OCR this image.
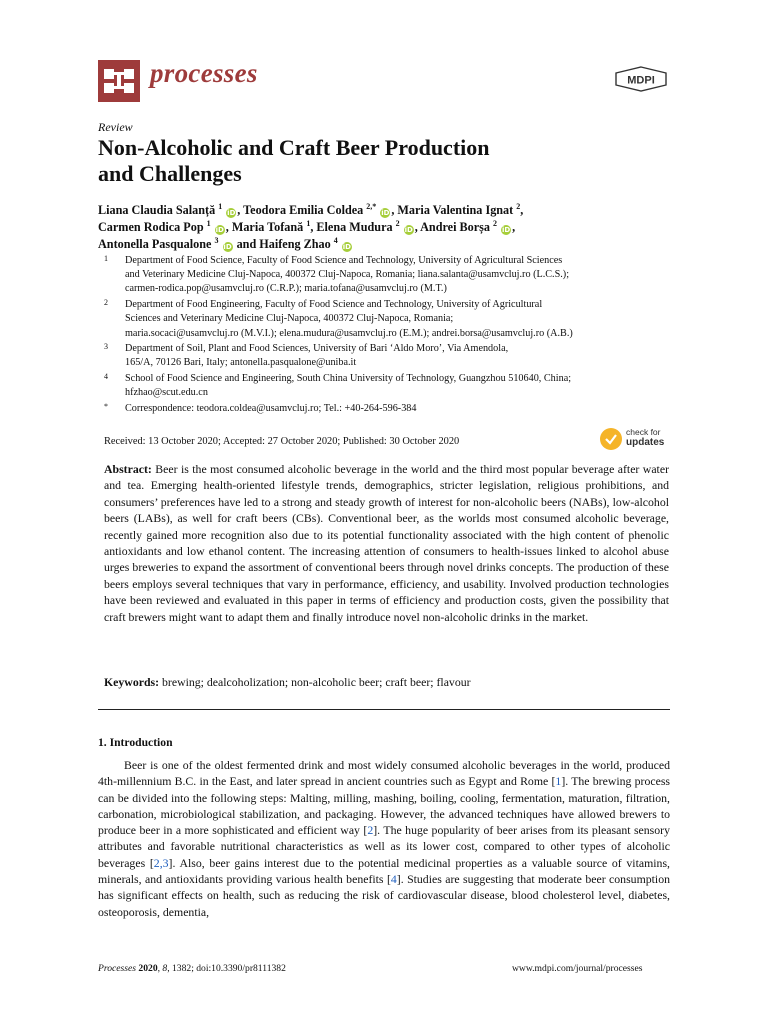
processes	MDPI
Review
Non-Alcoholic and Craft Beer Production
and Challenges
Liana Claudia Salanță $^1$ iD , Teodora Emilia Coldea $^{2,*}$ iD , Maria Valentina Ignat $^2$,
Carmen Rodica Pop $^1$ iD , Maria Tofană $^1$, Elena Mudura $^2$ iD , Andrei Borșa $^2$ iD ,
Antonella Pasqualone $^3$ iD and Haifeng Zhao $^4$ iD
1	Department of Food Science, Faculty of Food Science and Technology, University of Agricultural Sciences
and Veterinary Medicine Cluj-Napoca, 400372 Cluj-Napoca, Romania; liana.salanta@usamvcluj.ro (L.C.S.);
carmen-rodica.pop@usamvcluj.ro (C.R.P.); maria.tofana@usamvcluj.ro (M.T.)
2	Department of Food Engineering, Faculty of Food Science and Technology, University of Agricultural
Sciences and Veterinary Medicine Cluj-Napoca, 400372 Cluj-Napoca, Romania;
maria.socaci@usamvcluj.ro (M.V.I.); elena.mudura@usamvcluj.ro (E.M.); andrei.borsa@usamvcluj.ro (A.B.)
3	Department of Soil, Plant and Food Sciences, University of Bari ‘Aldo Moro’, Via Amendola,
165/A, 70126 Bari, Italy; antonella.pasqualone@uniba.it
4	School of Food Science and Engineering, South China University of Technology, Guangzhou 510640, China;
hfzhao@scut.edu.cn
*	Correspondence: teodora.coldea@usamvcluj.ro; Tel.: +40-264-596-384
Received: 13 October 2020; Accepted: 27 October 2020; Published: 30 October 2020
check for
updates

Abstract: Beer is the most consumed alcoholic beverage in the world and the third most popular beverage after water and tea. Emerging health-oriented lifestyle trends, demographics, stricter legislation, religious prohibitions, and consumers’ preferences have led to a strong and steady growth of interest for non-alcoholic beers (NABs), low-alcohol beers (LABs), as well for craft beers (CBs). Conventional beer, as the worlds most consumed alcoholic beverage, recently gained more recognition also due to its potential functionality associated with the high content of phenolic antioxidants and low ethanol content. The increasing attention of consumers to health-issues linked to alcohol abuse urges breweries to expand the assortment of conventional beers through novel drinks concepts. The production of these beers employs several techniques that vary in performance, efficiency, and usability. Involved production technologies have been reviewed and evaluated in this paper in terms of efficiency and production costs, given the possibility that craft brewers might want to adapt them and finally introduce novel non-alcoholic drinks in the market.

Keywords: brewing; dealcoholization; non-alcoholic beer; craft beer; flavour
1. Introduction

Beer is one of the oldest fermented drink and most widely consumed alcoholic beverages in the world, produced 4th-millennium B.C. in the East, and later spread in ancient countries such as Egypt and Rome [1]. The brewing process can be divided into the following steps: Malting, milling, mashing, boiling, cooling, fermentation, maturation, filtration, carbonation, microbiological stabilization, and packaging. However, the advanced techniques have allowed brewers to produce beer in a more sophisticated and efficient way [2]. The huge popularity of beer arises from its pleasant sensory attributes and favorable nutritional characteristics as well as its lower cost, compared to other types of alcoholic beverages [2,3]. Also, beer gains interest due to the potential medicinal properties as a valuable source of vitamins, minerals, and antioxidants providing various health benefits [4]. Studies are suggesting that moderate beer consumption has significant effects on health, such as reducing the risk of cardiovascular disease, blood cholesterol level, diabetes, osteoporosis, dementia,

Processes 2020, 8, 1382; doi:10.3390/pr8111382	www.mdpi.com/journal/processes
